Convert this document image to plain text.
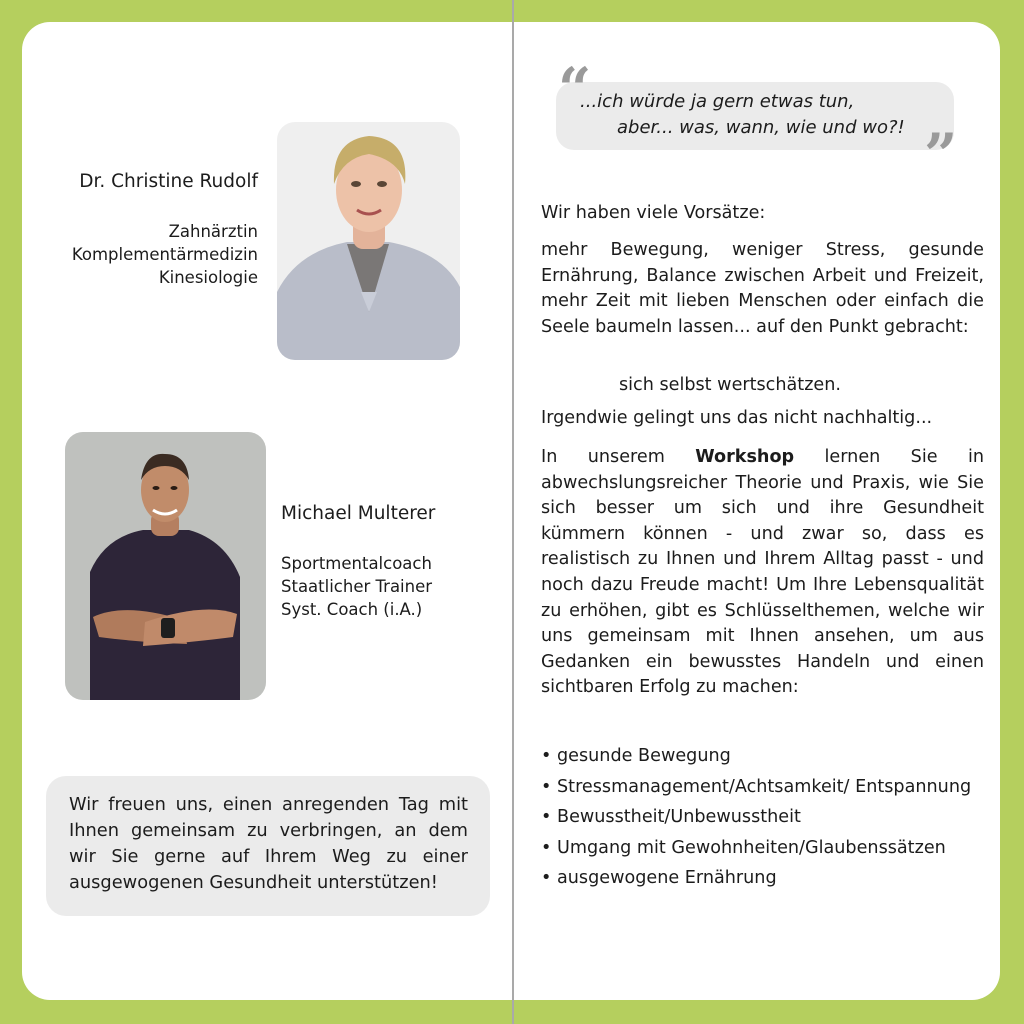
Dr. Christine Rudolf
Zahnärztin
Komplementärmedizin
Kinesiologie
Michael Multerer
Sportmentalcoach
Staatlicher Trainer
Syst. Coach (i.A.)
Wir freuen uns, einen anregenden Tag mit Ihnen gemeinsam zu verbringen, an dem wir Sie gerne auf Ihrem Weg zu einer ausgewogenen Gesundheit unterstützen!
“
”
...ich würde ja gern etwas tun,
aber... was, wann, wie und wo?!
Wir haben viele Vorsätze:
mehr Bewegung, weniger Stress, gesunde Ernährung, Balance zwischen Arbeit und Freizeit, mehr Zeit mit lieben Menschen oder einfach die Seele baumeln lassen... auf den Punkt gebracht:
sich selbst wertschätzen.
Irgendwie gelingt uns das nicht nachhaltig...
In unserem Workshop lernen Sie in abwechslungsreicher Theorie und Praxis, wie Sie sich besser um sich und ihre Gesundheit kümmern können - und zwar so, dass es realistisch zu Ihnen und Ihrem Alltag passt - und noch dazu Freude macht! Um Ihre Lebensqualität zu erhöhen, gibt es Schlüsselthemen, welche wir uns gemeinsam mit Ihnen ansehen, um aus Gedanken ein bewusstes Handeln und einen sichtbaren Erfolg zu machen:
• gesunde Bewegung
• Stressmanagement/Achtsamkeit/ Entspannung
• Bewusstheit/Unbewusstheit
• Umgang mit Gewohnheiten/Glaubenssätzen
• ausgewogene Ernährung
